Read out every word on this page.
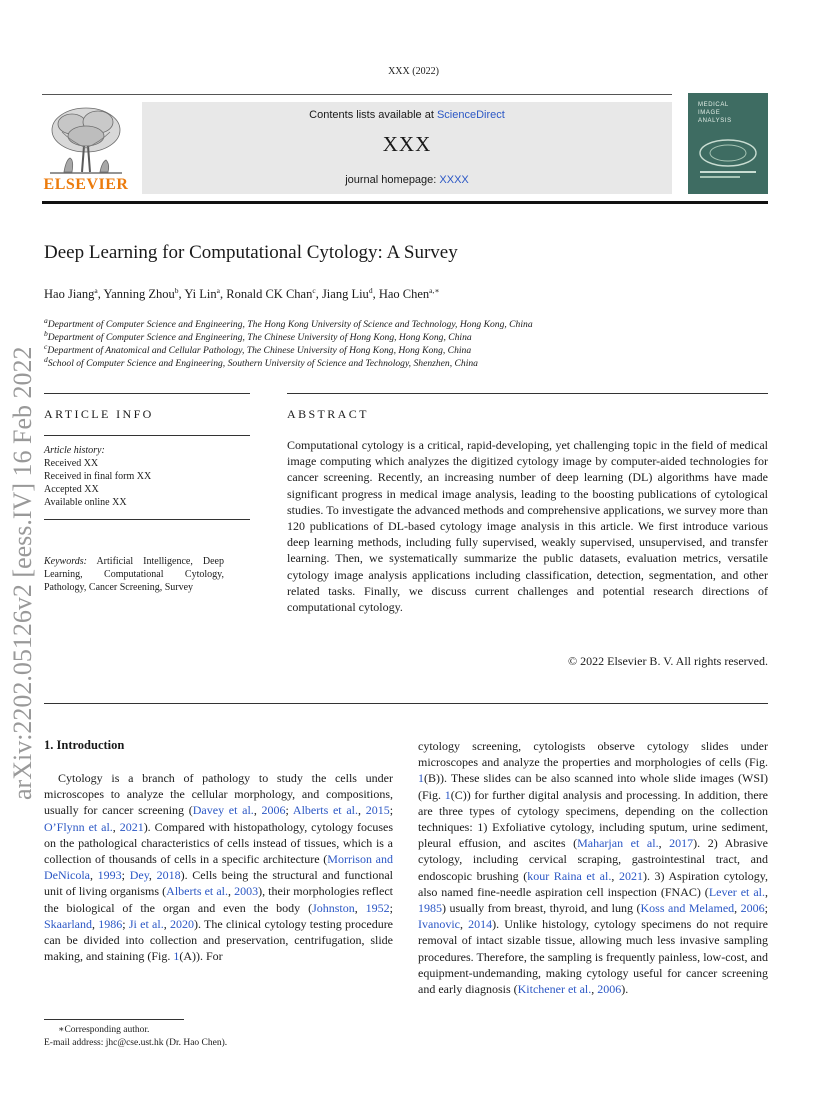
XXX (2022)
ELSEVIER
Contents lists available at ScienceDirect
XXX
journal homepage: XXXX
MEDICAL
IMAGE
ANALYSIS
Deep Learning for Computational Cytology: A Survey
Hao Jiang$^a$, Yanning Zhou$^b$, Yi Lin$^a$, Ronald CK Chan$^c$, Jiang Liu$^d$, Hao Chen$^{a,∗}$
$^a$Department of Computer Science and Engineering, The Hong Kong University of Science and Technology, Hong Kong, China
$^b$Department of Computer Science and Engineering, The Chinese University of Hong Kong, Hong Kong, China
$^c$Department of Anatomical and Cellular Pathology, The Chinese University of Hong Kong, Hong Kong, China
$^d$School of Computer Science and Engineering, Southern University of Science and Technology, Shenzhen, China
ARTICLE INFO
Article history:
Received XX
Received in final form XX
Accepted XX
Available online XX
Keywords: Artificial Intelligence, Deep Learning, Computational Cytology, Pathology, Cancer Screening, Survey
ABSTRACT
Computational cytology is a critical, rapid-developing, yet challenging topic in the field of medical image computing which analyzes the digitized cytology image by computer-aided technologies for cancer screening. Recently, an increasing number of deep learning (DL) algorithms have made significant progress in medical image analysis, leading to the boosting publications of cytological studies. To investigate the advanced methods and comprehensive applications, we survey more than 120 publications of DL-based cytology image analysis in this article. We first introduce various deep learning methods, including fully supervised, weakly supervised, unsupervised, and transfer learning. Then, we systematically summarize the public datasets, evaluation metrics, versatile cytology image analysis applications including classification, detection, segmentation, and other related tasks. Finally, we discuss current challenges and potential research directions of computational cytology.
© 2022 Elsevier B. V. All rights reserved.
arXiv:2202.05126v2 [eess.IV] 16 Feb 2022 1. Introduction
Cytology is a branch of pathology to study the cells under microscopes to analyze the cellular morphology, and compositions, usually for cancer screening (Davey et al., 2006; Alberts et al., 2015; O’Flynn et al., 2021). Compared with histopathology, cytology focuses on the pathological characteristics of cells instead of tissues, which is a collection of thousands of cells in a specific architecture (Morrison and DeNicola, 1993; Dey, 2018). Cells being the structural and functional unit of living organisms (Alberts et al., 2003), their morphologies reflect the biological of the organ and even the body (Johnston, 1952; Skaarland, 1986; Ji et al., 2020). The clinical cytology testing procedure can be divided into collection and preservation, centrifugation, slide making, and staining (Fig. 1(A)). For
cytology screening, cytologists observe cytology slides under microscopes and analyze the properties and morphologies of cells (Fig. 1(B)). These slides can be also scanned into whole slide images (WSI) (Fig. 1(C)) for further digital analysis and processing. In addition, there are three types of cytology specimens, depending on the collection techniques: 1) Exfoliative cytology, including sputum, urine sediment, pleural effusion, and ascites (Maharjan et al., 2017). 2) Abrasive cytology, including cervical scraping, gastrointestinal tract, and endoscopic brushing (kour Raina et al., 2021). 3) Aspiration cytology, also named fine-needle aspiration cell inspection (FNAC) (Lever et al., 1985) usually from breast, thyroid, and lung (Koss and Melamed, 2006; Ivanovic, 2014). Unlike histology, cytology specimens do not require removal of intact sizable tissue, allowing much less invasive sampling procedures. Therefore, the sampling is frequently painless, low-cost, and equipment-undemanding, making cytology useful for cancer screening and early diagnosis (Kitchener et al., 2006).
∗Corresponding author.
E-mail address: jhc@cse.ust.hk (Dr. Hao Chen).
